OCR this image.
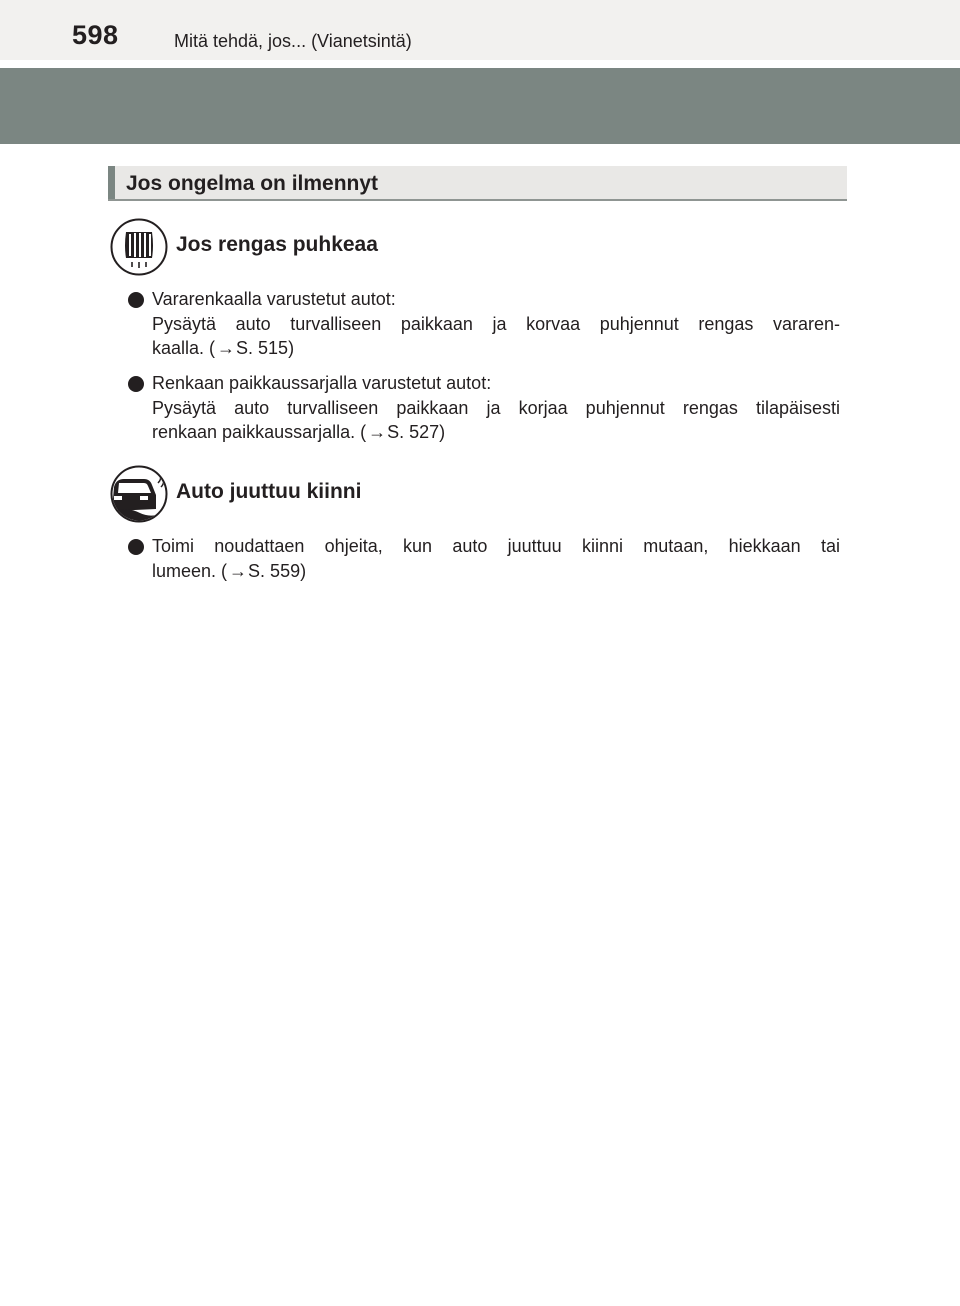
598	Mitä tehdä, jos... (Vianetsintä)
Jos ongelma on ilmennyt
Jos rengas puhkeaa
Vararenkaalla varustetut autot:
Pysäytä auto turvalliseen paikkaan ja korvaa puhjennut rengas vararen-
kaalla. ( →S. 515)
Renkaan paikkaussarjalla varustetut autot:
Pysäytä auto turvalliseen paikkaan ja korjaa puhjennut rengas tilapäisesti
renkaan paikkaussarjalla. ( →S. 527)
Auto juuttuu kiinni
Toimi noudattaen ohjeita, kun auto juuttuu kiinni mutaan, hiekkaan tai
lumeen. ( →S. 559)
